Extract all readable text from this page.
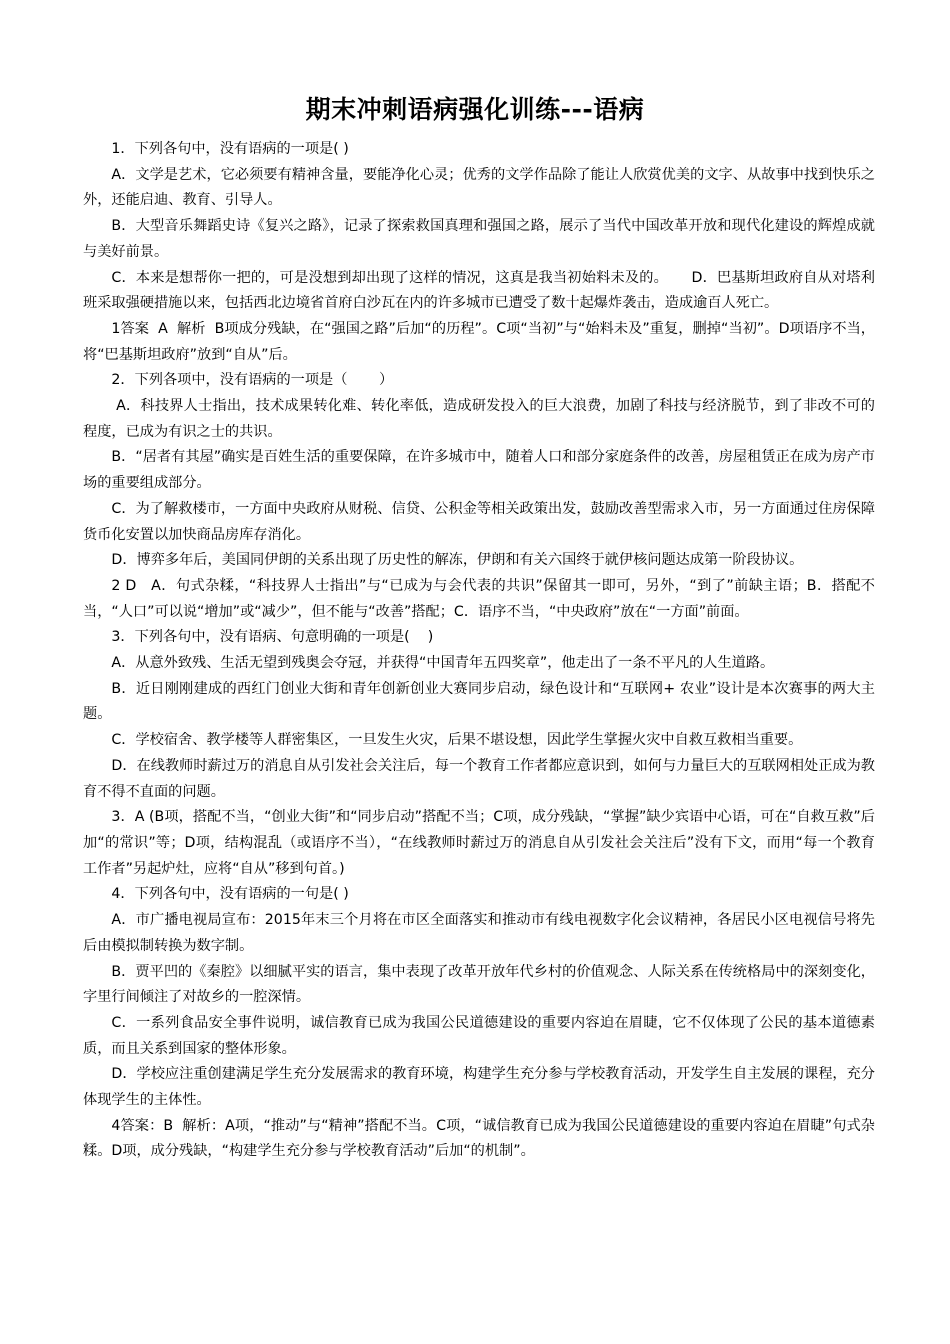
期末冲刺语病强化训练---语病

1．下列各句中，没有语病的一项是( )

A．文学是艺术，它必须要有精神含量，要能净化心灵；优秀的文学作品除了能让人欣赏优美的文字、从故事中找到快乐之外，还能启迪、教育、引导人。

B．大型音乐舞蹈史诗《复兴之路》，记录了探索救国真理和强国之路，展示了当代中国改革开放和现代化建设的辉煌成就与美好前景。

C．本来是想帮你一把的，可是没想到却出现了这样的情况，这真是我当初始料未及的。     D．巴基斯坦政府自从对塔利班采取强硬措施以来，包括西北边境省首府白沙瓦在内的许多城市已遭受了数十起爆炸袭击，造成逾百人死亡。

1答案  A  解析  B项成分残缺，在“强国之路”后加“的历程”。C项“当初”与“始料未及”重复，删掉“当初”。D项语序不当，将“巴基斯坦政府”放到“自从”后。

2．下列各项中，没有语病的一项是（       ）

A．科技界人士指出，技术成果转化难、转化率低，造成研发投入的巨大浪费，加剧了科技与经济脱节，到了非改不可的程度，已成为有识之士的共识。

B．“居者有其屋”确实是百姓生活的重要保障，在许多城市中，随着人口和部分家庭条件的改善，房屋租赁正在成为房产市场的重要组成部分。

C．为了解救楼市，一方面中央政府从财税、信贷、公积金等相关政策出发，鼓励改善型需求入市，另一方面通过住房保障货币化安置以加快商品房库存消化。

D．博弈多年后，美国同伊朗的关系出现了历史性的解冻，伊朗和有关六国终于就伊核问题达成第一阶段协议。

2 D   A．句式杂糅，“科技界人士指出”与“已成为与会代表的共识”保留其一即可，另外，“到了”前缺主语；B．搭配不当，“人口”可以说“增加”或“减少”，但不能与“改善”搭配；C．语序不当，“中央政府”放在“一方面”前面。

3．下列各句中，没有语病、句意明确的一项是(    )

A．从意外致残、生活无望到残奥会夺冠，并获得“中国青年五四奖章”，他走出了一条不平凡的人生道路。

B．近日刚刚建成的西红门创业大街和青年创新创业大赛同步启动，绿色设计和“互联网+ 农业”设计是本次赛事的两大主题。

C．学校宿舍、教学楼等人群密集区，一旦发生火灾，后果不堪设想，因此学生掌握火灾中自救互救相当重要。

D．在线教师时薪过万的消息自从引发社会关注后，每一个教育工作者都应意识到，如何与力量巨大的互联网相处正成为教育不得不直面的问题。

3．A (B项，搭配不当，“创业大街”和“同步启动”搭配不当；C项，成分残缺，“掌握”缺少宾语中心语，可在“自救互救”后加“的常识”等；D项，结构混乱（或语序不当），“在线教师时薪过万的消息自从引发社会关注后”没有下文，而用“每一个教育工作者”另起炉灶，应将“自从”移到句首。)

4．下列各句中，没有语病的一句是( )

A．市广播电视局宣布：2015年末三个月将在市区全面落实和推动市有线电视数字化会议精神，各居民小区电视信号将先后由模拟制转换为数字制。

B．贾平凹的《秦腔》以细腻平实的语言，集中表现了改革开放年代乡村的价值观念、人际关系在传统格局中的深刻变化，字里行间倾注了对故乡的一腔深情。

C．一系列食品安全事件说明，诚信教育已成为我国公民道德建设的重要内容迫在眉睫，它不仅体现了公民的基本道德素质，而且关系到国家的整体形象。

D．学校应注重创建满足学生充分发展需求的教育环境，构建学生充分参与学校教育活动，开发学生自主发展的课程，充分体现学生的主体性。

4答案：B  解析：A项，“推动”与“精神”搭配不当。C项，“诚信教育已成为我国公民道德建设的重要内容迫在眉睫”句式杂糅。D项，成分残缺，“构建学生充分参与学校教育活动”后加“的机制”。
